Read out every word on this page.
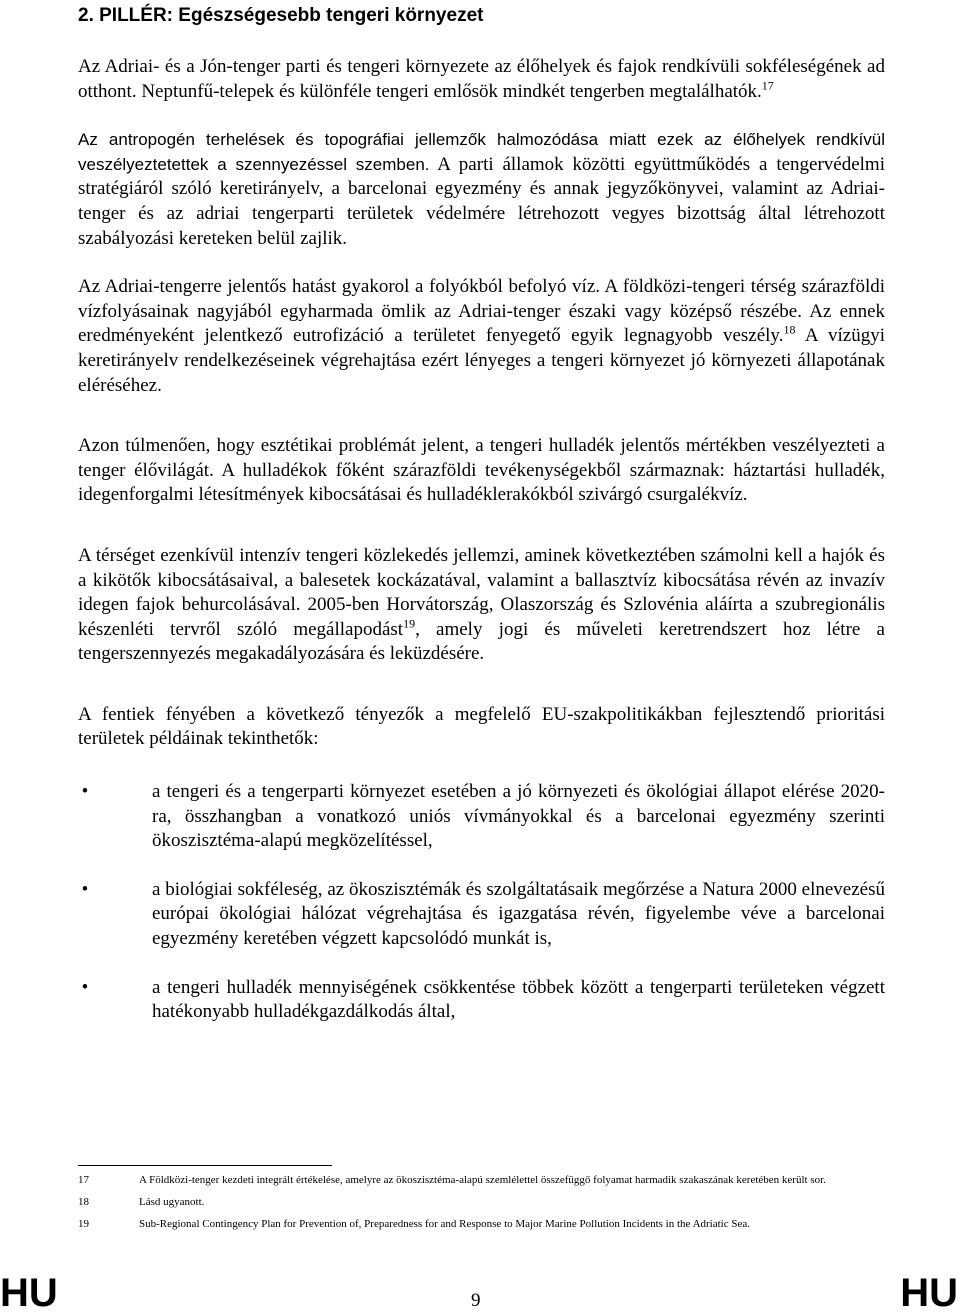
2. PILLÉR: Egészségesebb tengeri környezet

Az Adriai- és a Jón-tenger parti és tengeri környezete az élőhelyek és fajok rendkívüli sokféleségének ad otthont. Neptunfű-telepek és különféle tengeri emlősök mindkét tengerben megtalálhatók.$^{17}$

Az antropogén terhelések és topográfiai jellemzők halmozódása miatt ezek az élőhelyek rendkívül veszélyeztetettek a szennyezéssel szemben. A parti államok közötti együttműködés a tengervédelmi stratégiáról szóló keretirányelv, a barcelonai egyezmény és annak jegyzőkönyvei, valamint az Adriai-tenger és az adriai tengerparti területek védelmére létrehozott vegyes bizottság által létrehozott szabályozási kereteken belül zajlik.

Az Adriai-tengerre jelentős hatást gyakorol a folyókból befolyó víz. A földközi-tengeri térség szárazföldi vízfolyásainak nagyjából egyharmada ömlik az Adriai-tenger északi vagy középső részébe. Az ennek eredményeként jelentkező eutrofizáció a területet fenyegető egyik legnagyobb veszély.$^{18}$ A vízügyi keretirányelv rendelkezéseinek végrehajtása ezért lényeges a tengeri környezet jó környezeti állapotának eléréséhez.

Azon túlmenően, hogy esztétikai problémát jelent, a tengeri hulladék jelentős mértékben veszélyezteti a tenger élővilágát. A hulladékok főként szárazföldi tevékenységekből származnak: háztartási hulladék, idegenforgalmi létesítmények kibocsátásai és hulladéklerakókból szivárgó csurgalékvíz.

A térséget ezenkívül intenzív tengeri közlekedés jellemzi, aminek következtében számolni kell a hajók és a kikötők kibocsátásaival, a balesetek kockázatával, valamint a ballasztvíz kibocsátása révén az invazív idegen fajok behurcolásával. 2005-ben Horvátország, Olaszország és Szlovénia aláírta a szubregionális készenléti tervről szóló megállapodást$^{19}$, amely jogi és műveleti keretrendszert hoz létre a tengerszennyezés megakadályozására és leküzdésére.

A fentiek fényében a következő tényezők a megfelelő EU-szakpolitikákban fejlesztendő prioritási területek példáinak tekinthetők:

•	a tengeri és a tengerparti környezet esetében a jó környezeti és ökológiai állapot elérése 2020-ra, összhangban a vonatkozó uniós vívmányokkal és a barcelonai egyezmény szerinti ökoszisztéma-alapú megközelítéssel,
•	a biológiai sokféleség, az ökoszisztémák és szolgáltatásaik megőrzése a Natura 2000 elnevezésű európai ökológiai hálózat végrehajtása és igazgatása révén, figyelembe véve a barcelonai egyezmény keretében végzett kapcsolódó munkát is,
•	a tengeri hulladék mennyiségének csökkentése többek között a tengerparti területeken végzett hatékonyabb hulladékgazdálkodás által,
17	A Földközi-tenger kezdeti integrált értékelése, amelyre az ökoszisztéma-alapú szemlélettel összefüggő folyamat harmadik szakaszának keretében került sor.
18	Lásd ugyanott.
19	Sub-Regional Contingency Plan for Prevention of, Preparedness for and Response to Major Marine Pollution Incidents in the Adriatic Sea.
HU	9	HU
